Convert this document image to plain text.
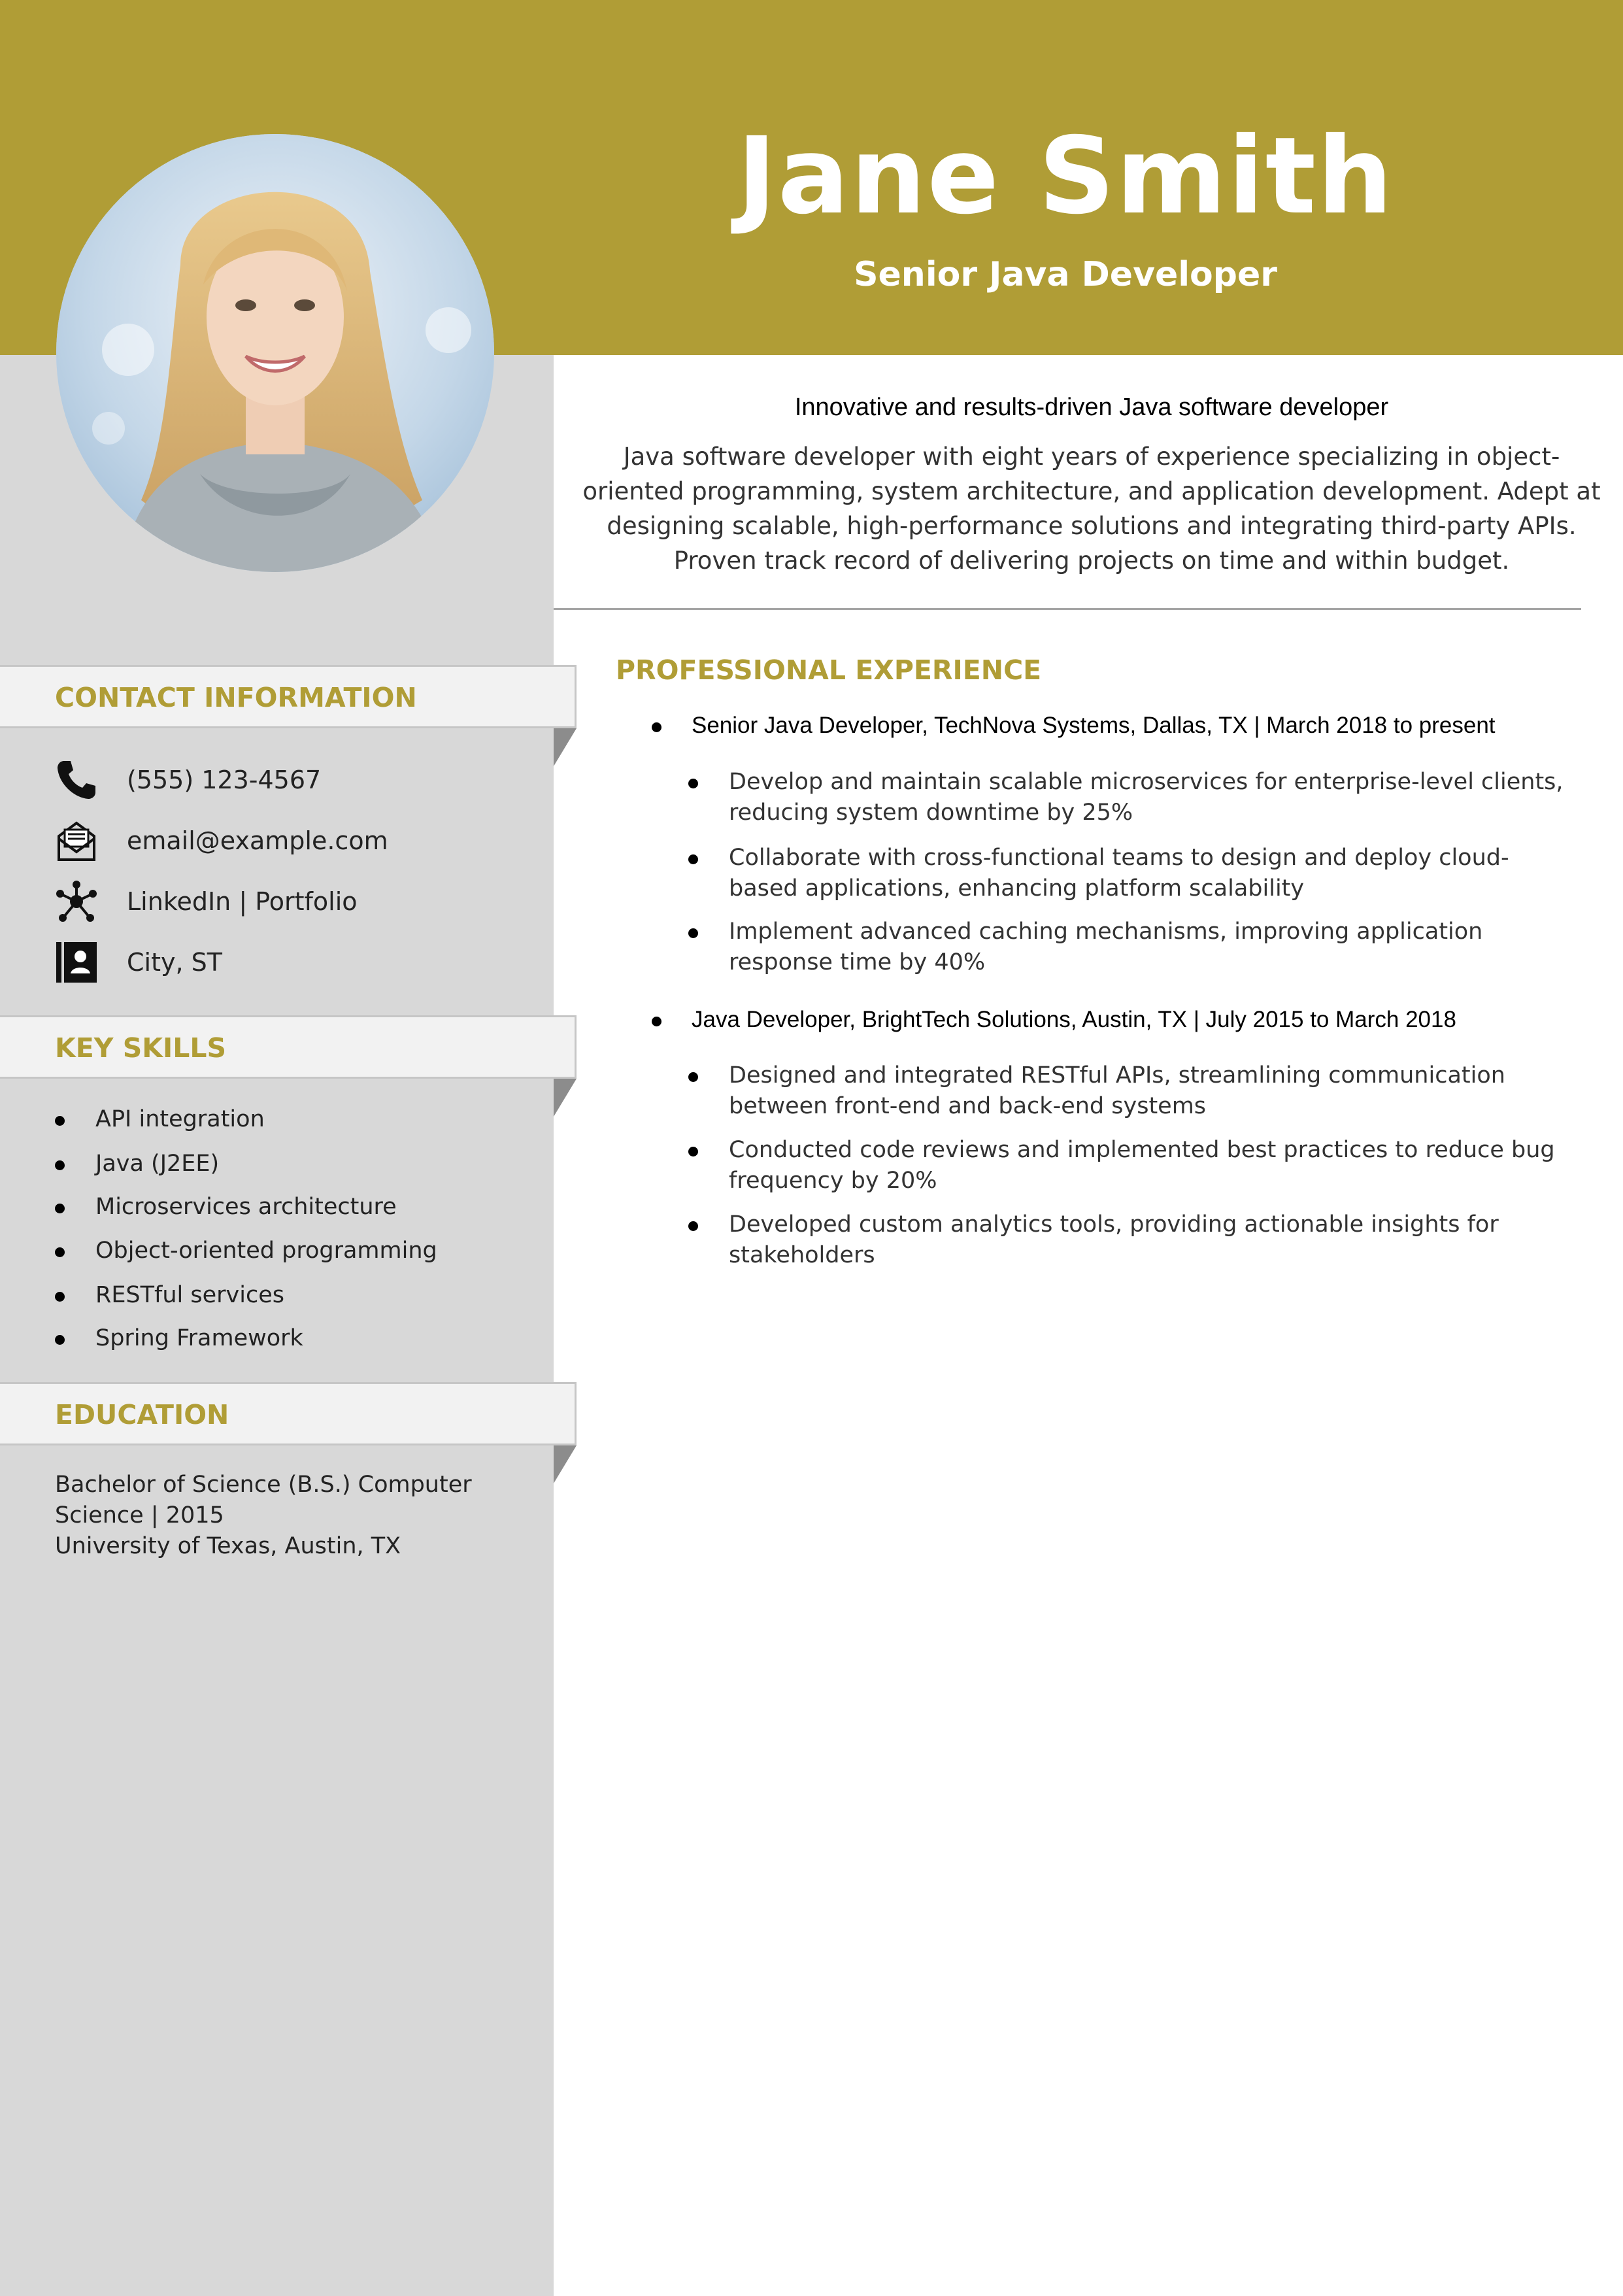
Jane Smith
Senior Java Developer

Innovative and results-driven Java software developer

Java software developer with eight years of experience specializing in object-oriented programming, system architecture, and application development. Adept at designing scalable, high-performance solutions and integrating third-party APIs. Proven track record of delivering projects on time and within budget.

CONTACT INFORMATION
(555) 123-4567
email@example.com
LinkedIn | Portfolio
City, ST
KEY SKILLS
API integration
Java (J2EE)
Microservices architecture
Object-oriented programming
RESTful services
Spring Framework
EDUCATION

Bachelor of Science (B.S.) Computer Science | 2015
University of Texas, Austin, TX

PROFESSIONAL EXPERIENCE
Senior Java Developer, TechNova Systems, Dallas, TX | March 2018 to present
Develop and maintain scalable microservices for enterprise-level clients, reducing system downtime by 25%
Collaborate with cross-functional teams to design and deploy cloud-based applications, enhancing platform scalability
Implement advanced caching mechanisms, improving application response time by 40%
Java Developer, BrightTech Solutions, Austin, TX | July 2015 to March 2018
Designed and integrated RESTful APIs, streamlining communication between front-end and back-end systems
Conducted code reviews and implemented best practices to reduce bug frequency by 20%
Developed custom analytics tools, providing actionable insights for stakeholders
